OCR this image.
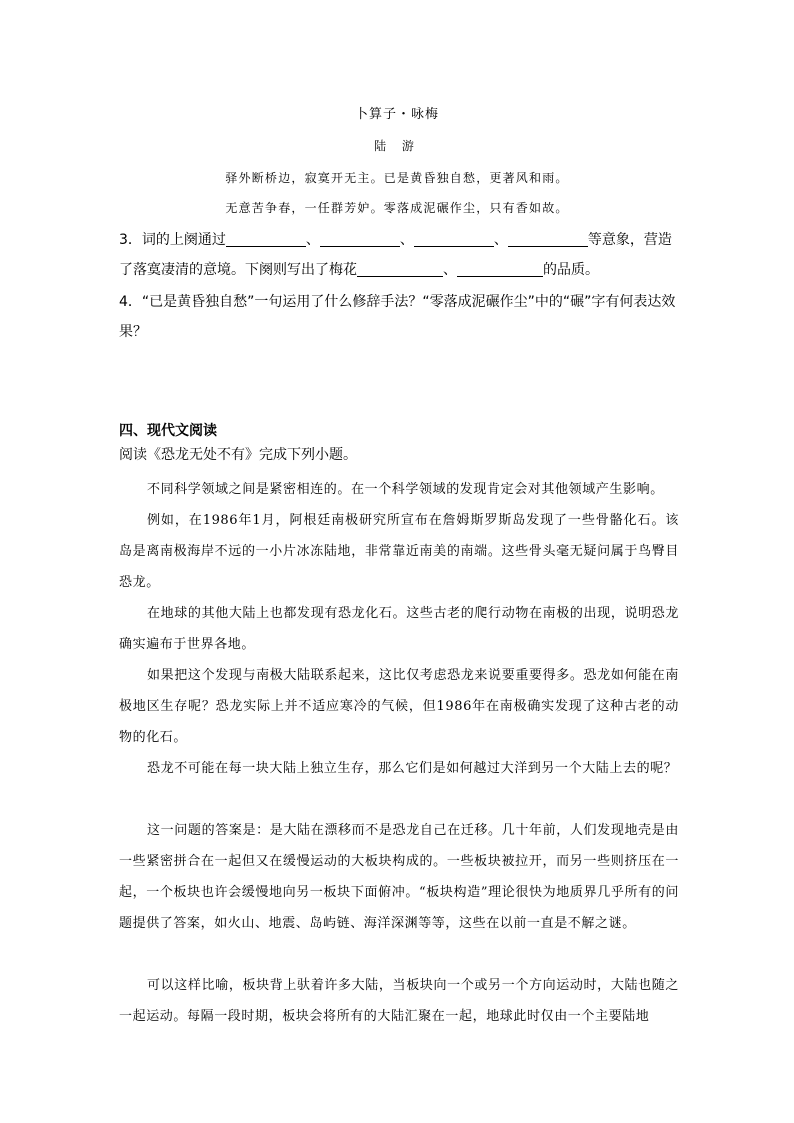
卜算子・咏梅
陆 游
驿外断桥边，寂寞开无主。已是黄昏独自愁，更著风和雨。
无意苦争春，一任群芳妒。零落成泥碾作尘，只有香如故。
3．词的上阕通过	、	、	、	等意象，营造了落寞凄清的意境。下阕则写出了梅花	、	的品质。
4．“已是黄昏独自愁”一句运用了什么修辞手法？“零落成泥碾作尘”中的“碾”字有何表达效果？
四、现代文阅读
阅读《恐龙无处不有》完成下列小题。
不同科学领域之间是紧密相连的。在一个科学领域的发现肯定会对其他领域产生影响。
例如，在1986年1月，阿根廷南极研究所宣布在詹姆斯罗斯岛发现了一些骨骼化石。该岛是离南极海岸不远的一小片冰冻陆地，非常靠近南美的南端。这些骨头毫无疑问属于鸟臀目恐龙。
在地球的其他大陆上也都发现有恐龙化石。这些古老的爬行动物在南极的出现，说明恐龙确实遍布于世界各地。
如果把这个发现与南极大陆联系起来，这比仅考虑恐龙来说要重要得多。恐龙如何能在南极地区生存呢？恐龙实际上并不适应寒冷的气候，但1986年在南极确实发现了这种古老的动物的化石。
恐龙不可能在每一块大陆上独立生存，那么它们是如何越过大洋到另一个大陆上去的呢？
这一问题的答案是：是大陆在漂移而不是恐龙自己在迁移。几十年前，人们发现地壳是由一些紧密拼合在一起但又在缓慢运动的大板块构成的。一些板块被拉开，而另一些则挤压在一起，一个板块也许会缓慢地向另一板块下面俯冲。“板块构造”理论很快为地质界几乎所有的问题提供了答案，如火山、地震、岛屿链、海洋深渊等等，这些在以前一直是不解之谜。
可以这样比喻，板块背上驮着许多大陆，当板块向一个或另一个方向运动时，大陆也随之一起运动。每隔一段时期，板块会将所有的大陆汇聚在一起，地球此时仅由一个主要陆地
